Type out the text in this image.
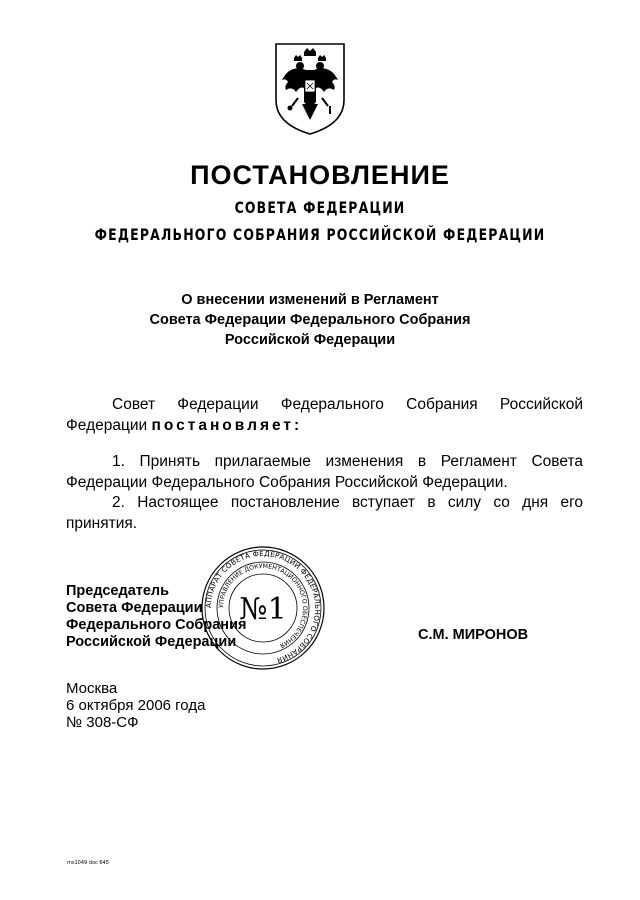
ПОСТАНОВЛЕНИЕ
СОВЕТА ФЕДЕРАЦИИ
ФЕДЕРАЛЬНОГО СОБРАНИЯ РОССИЙСКОЙ ФЕДЕРАЦИИ
О внесении изменений в Регламент
Совета Федерации Федерального Собрания
Российской Федерации
Совет Федерации Федерального Собрания Российской Федерации постановляет:
1. Принять прилагаемые изменения в Регламент Совета Федерации Федерального Собрания Российской Федерации.
2. Настоящее постановление вступает в силу со дня его принятия.
АППАРАТ СОВЕТА ФЕДЕРАЦИИ ФЕДЕРАЛЬНОГО СОБРАНИЯ
УПРАВЛЕНИЕ ДОКУМЕНТАЦИОННОГО ОБЕСПЕЧЕНИЯ
№1
Председатель
Совета Федерации
Федерального Собрания
Российской Федерации	С.М. МИРОНОВ
Москва
6 октября 2006 года
№ 308-СФ
ms1049 doc 645
